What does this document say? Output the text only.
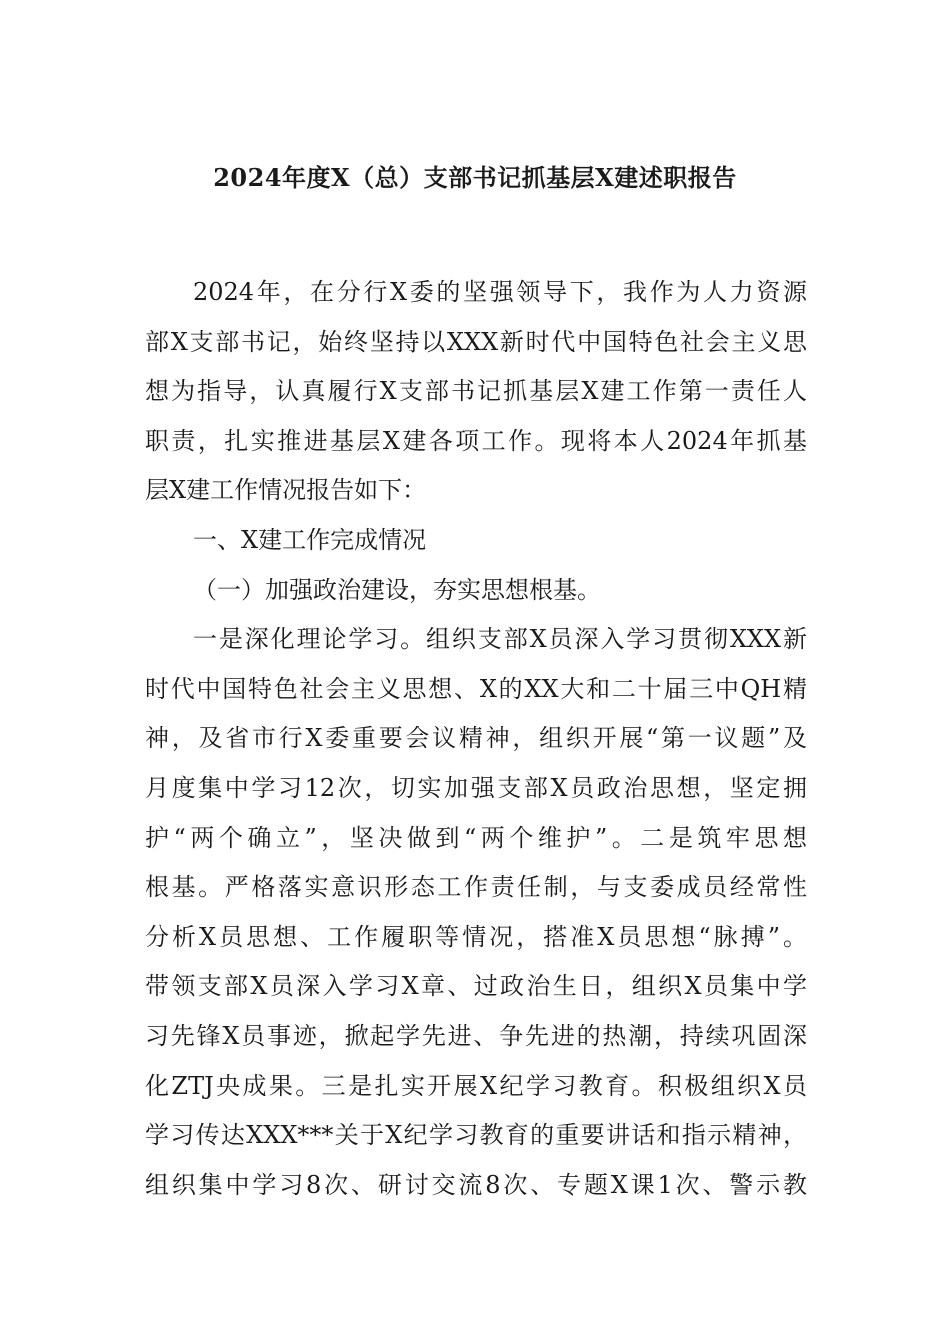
2024年度X（总）支部书记抓基层X建述职报告
2024年，在分行X委的坚强领导下，我作为人力资源
部X支部书记，始终坚持以XXX新时代中国特色社会主义思
想为指导，认真履行X支部书记抓基层X建工作第一责任人
职责，扎实推进基层X建各项工作。现将本人2024年抓基
层X建工作情况报告如下：
一、X建工作完成情况
（一）加强政治建设，夯实思想根基。
一是深化理论学习。组织支部X员深入学习贯彻XXX新
时代中国特色社会主义思想、X的XX大和二十届三中QH精
神，及省市行X委重要会议精神，组织开展“第一议题”及
月度集中学习12次，切实加强支部X员政治思想，坚定拥
护“两个确立”，坚决做到“两个维护”。二是筑牢思想
根基。严格落实意识形态工作责任制，与支委成员经常性
分析X员思想、工作履职等情况，搭准X员思想“脉搏”。
带领支部X员深入学习X章、过政治生日，组织X员集中学
习先锋X员事迹，掀起学先进、争先进的热潮，持续巩固深
化ZTJ央成果。三是扎实开展X纪学习教育。积极组织X员
学习传达XXX***关于X纪学习教育的重要讲话和指示精神，
组织集中学习8次、研讨交流8次、专题X课1次、警示教
